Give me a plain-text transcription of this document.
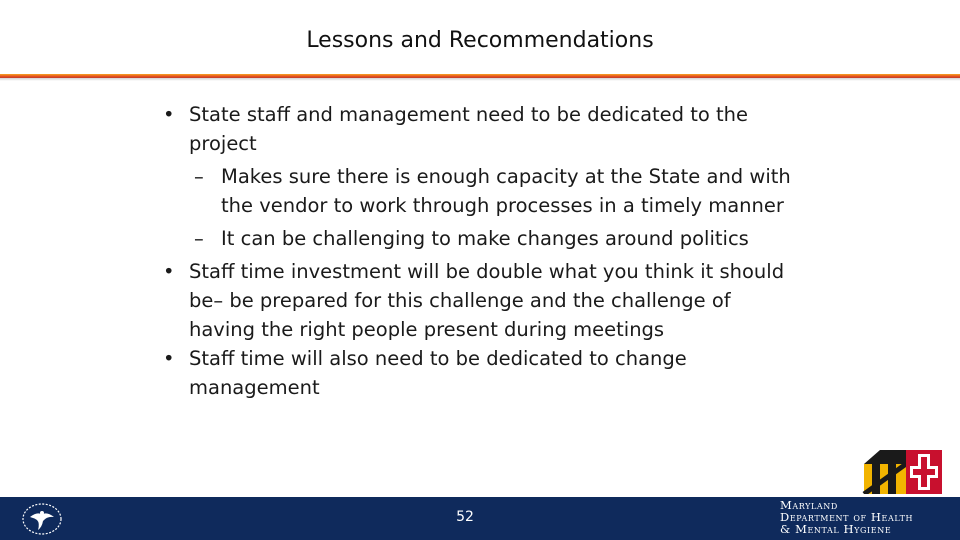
Lessons and Recommendations
• State staff and management need to be dedicated to the project
– Makes sure there is enough capacity at the State and with the vendor to work through processes in a timely manner
– It can be challenging to make changes around politics
• Staff time investment will be double what you think it should be– be prepared for this challenge and the challenge of having the right people present during meetings
• Staff time will also need to be dedicated to change management
52
Maryland
Department of Health
& Mental Hygiene
